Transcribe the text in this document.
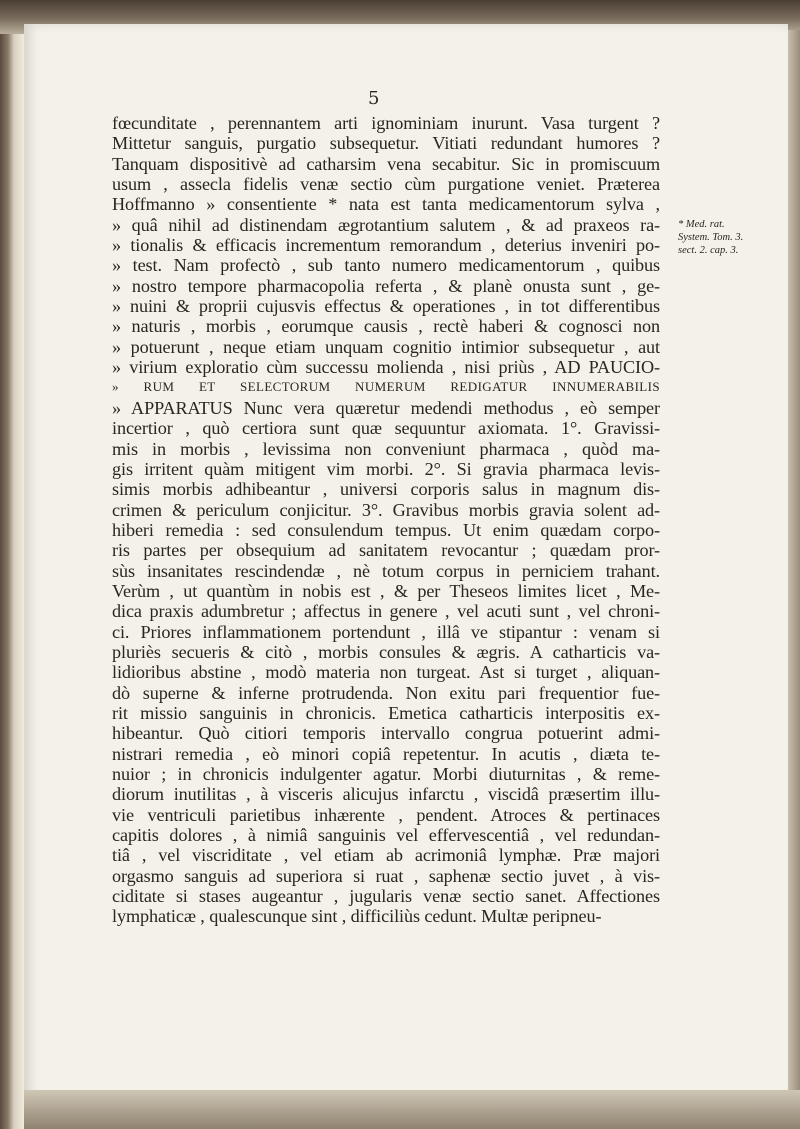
5
fœcunditate , perennantem arti ignominiam inurunt. Vasa turgent ?
Mittetur sanguis, purgatio subsequetur. Vitiati redundant humores ?
Tanquam dispositivè ad catharsim vena secabitur. Sic in promiscuum
usum , assecla fidelis venæ sectio cùm purgatione veniet. Præterea
Hoffmanno » consentiente * nata est tanta medicamentorum sylva ,
» quâ nihil ad distinendam ægrotantium salutem , & ad praxeos ra-
» tionalis & efficacis incrementum remorandum , deterius inveniri po-
» test. Nam profectò , sub tanto numero medicamentorum , quibus
» nostro tempore pharmacopolia referta , & planè onusta sunt , ge-
» nuini & proprii cujusvis effectus & operationes , in tot differentibus
» naturis , morbis , eorumque causis , rectè haberi & cognosci non
» potuerunt , neque etiam unquam cognitio intimior subsequetur , aut
» virium exploratio cùm successu molienda , nisi priùs , AD PAUCIO-
» RUM ET SELECTORUM NUMERUM REDIGATUR INNUMERABILIS
» APPARATUS Nunc vera quæretur medendi methodus , eò semper
incertior , quò certiora sunt quæ sequuntur axiomata. 1°. Gravissi-
mis in morbis , levissima non conveniunt pharmaca , quòd ma-
gis irritent quàm mitigent vim morbi. 2°. Si gravia pharmaca levis-
simis morbis adhibeantur , universi corporis salus in magnum dis-
crimen & periculum conjicitur. 3°. Gravibus morbis gravia solent ad-
hiberi remedia : sed consulendum tempus. Ut enim quædam corpo-
ris partes per obsequium ad sanitatem revocantur ; quædam pror-
sùs insanitates rescindendæ , nè totum corpus in perniciem trahant.
Verùm , ut quantùm in nobis est , & per Theseos limites licet , Me-
dica praxis adumbretur ; affectus in genere , vel acuti sunt , vel chroni-
ci. Priores inflammationem portendunt , illâ ve stipantur : venam si
pluriès secueris & citò , morbis consules & ægris. A catharticis va-
lidioribus abstine , modò materia non turgeat. Ast si turget , aliquan-
dò superne & inferne protrudenda. Non exitu pari frequentior fue-
rit missio sanguinis in chronicis. Emetica catharticis interpositis ex-
hibeantur. Quò citiori temporis intervallo congrua potuerint admi-
nistrari remedia , eò minori copiâ repetentur. In acutis , diæta te-
nuior ; in chronicis indulgenter agatur. Morbi diuturnitas , & reme-
diorum inutilitas , à visceris alicujus infarctu , viscidâ præsertim illu-
vie ventriculi parietibus inhærente , pendent. Atroces & pertinaces
capitis dolores , à nimiâ sanguinis vel effervescentiâ , vel redundan-
tiâ , vel viscriditate , vel etiam ab acrimoniâ lymphæ. Præ majori
orgasmo sanguis ad superiora si ruat , saphenæ sectio juvet , à vis-
ciditate si stases augeantur , jugularis venæ sectio sanet. Affectiones
lymphaticæ , qualescunque sint , difficiliùs cedunt. Multæ peripneu-
* Med. rat.
System. Tom. 3.
sect. 2. cap. 3.
